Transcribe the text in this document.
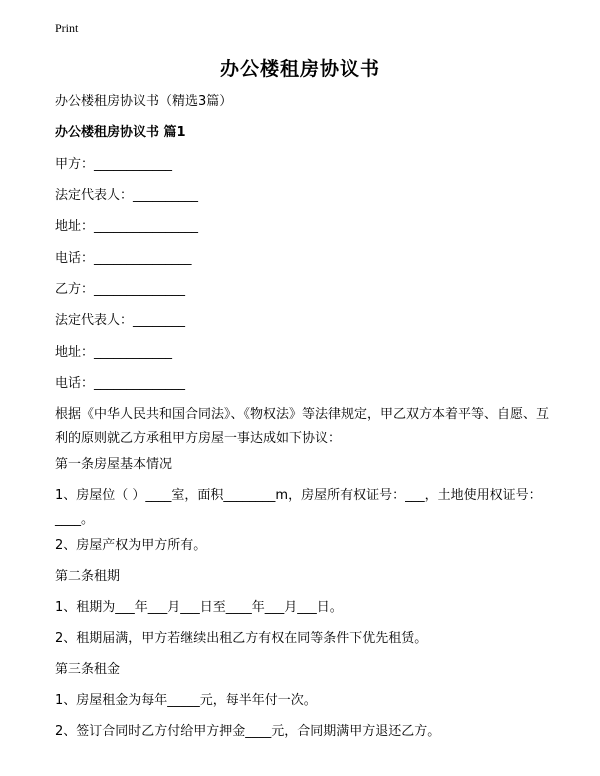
Print
办公楼租房协议书
办公楼租房协议书（精选3篇）
办公楼租房协议书 篇1
甲方：____________
法定代表人：__________
地址：________________
电话：_______________
乙方：______________
法定代表人：________
地址：____________
电话：______________
根据《中华人民共和国合同法》、《物权法》等法律规定，甲乙双方本着平等、自愿、互利的原则就乙方承租甲方房屋一事达成如下协议：
第一条房屋基本情况
1、房屋位（ ）____室，面积________m，房屋所有权证号：___，土地使用权证号：____。
2、房屋产权为甲方所有。
第二条租期
1、租期为___年___月___日至____年___月___日。
2、租期届满，甲方若继续出租乙方有权在同等条件下优先租赁。
第三条租金
1、房屋租金为每年_____元，每半年付一次。
2、签订合同时乙方付给甲方押金____元，合同期满甲方退还乙方。
